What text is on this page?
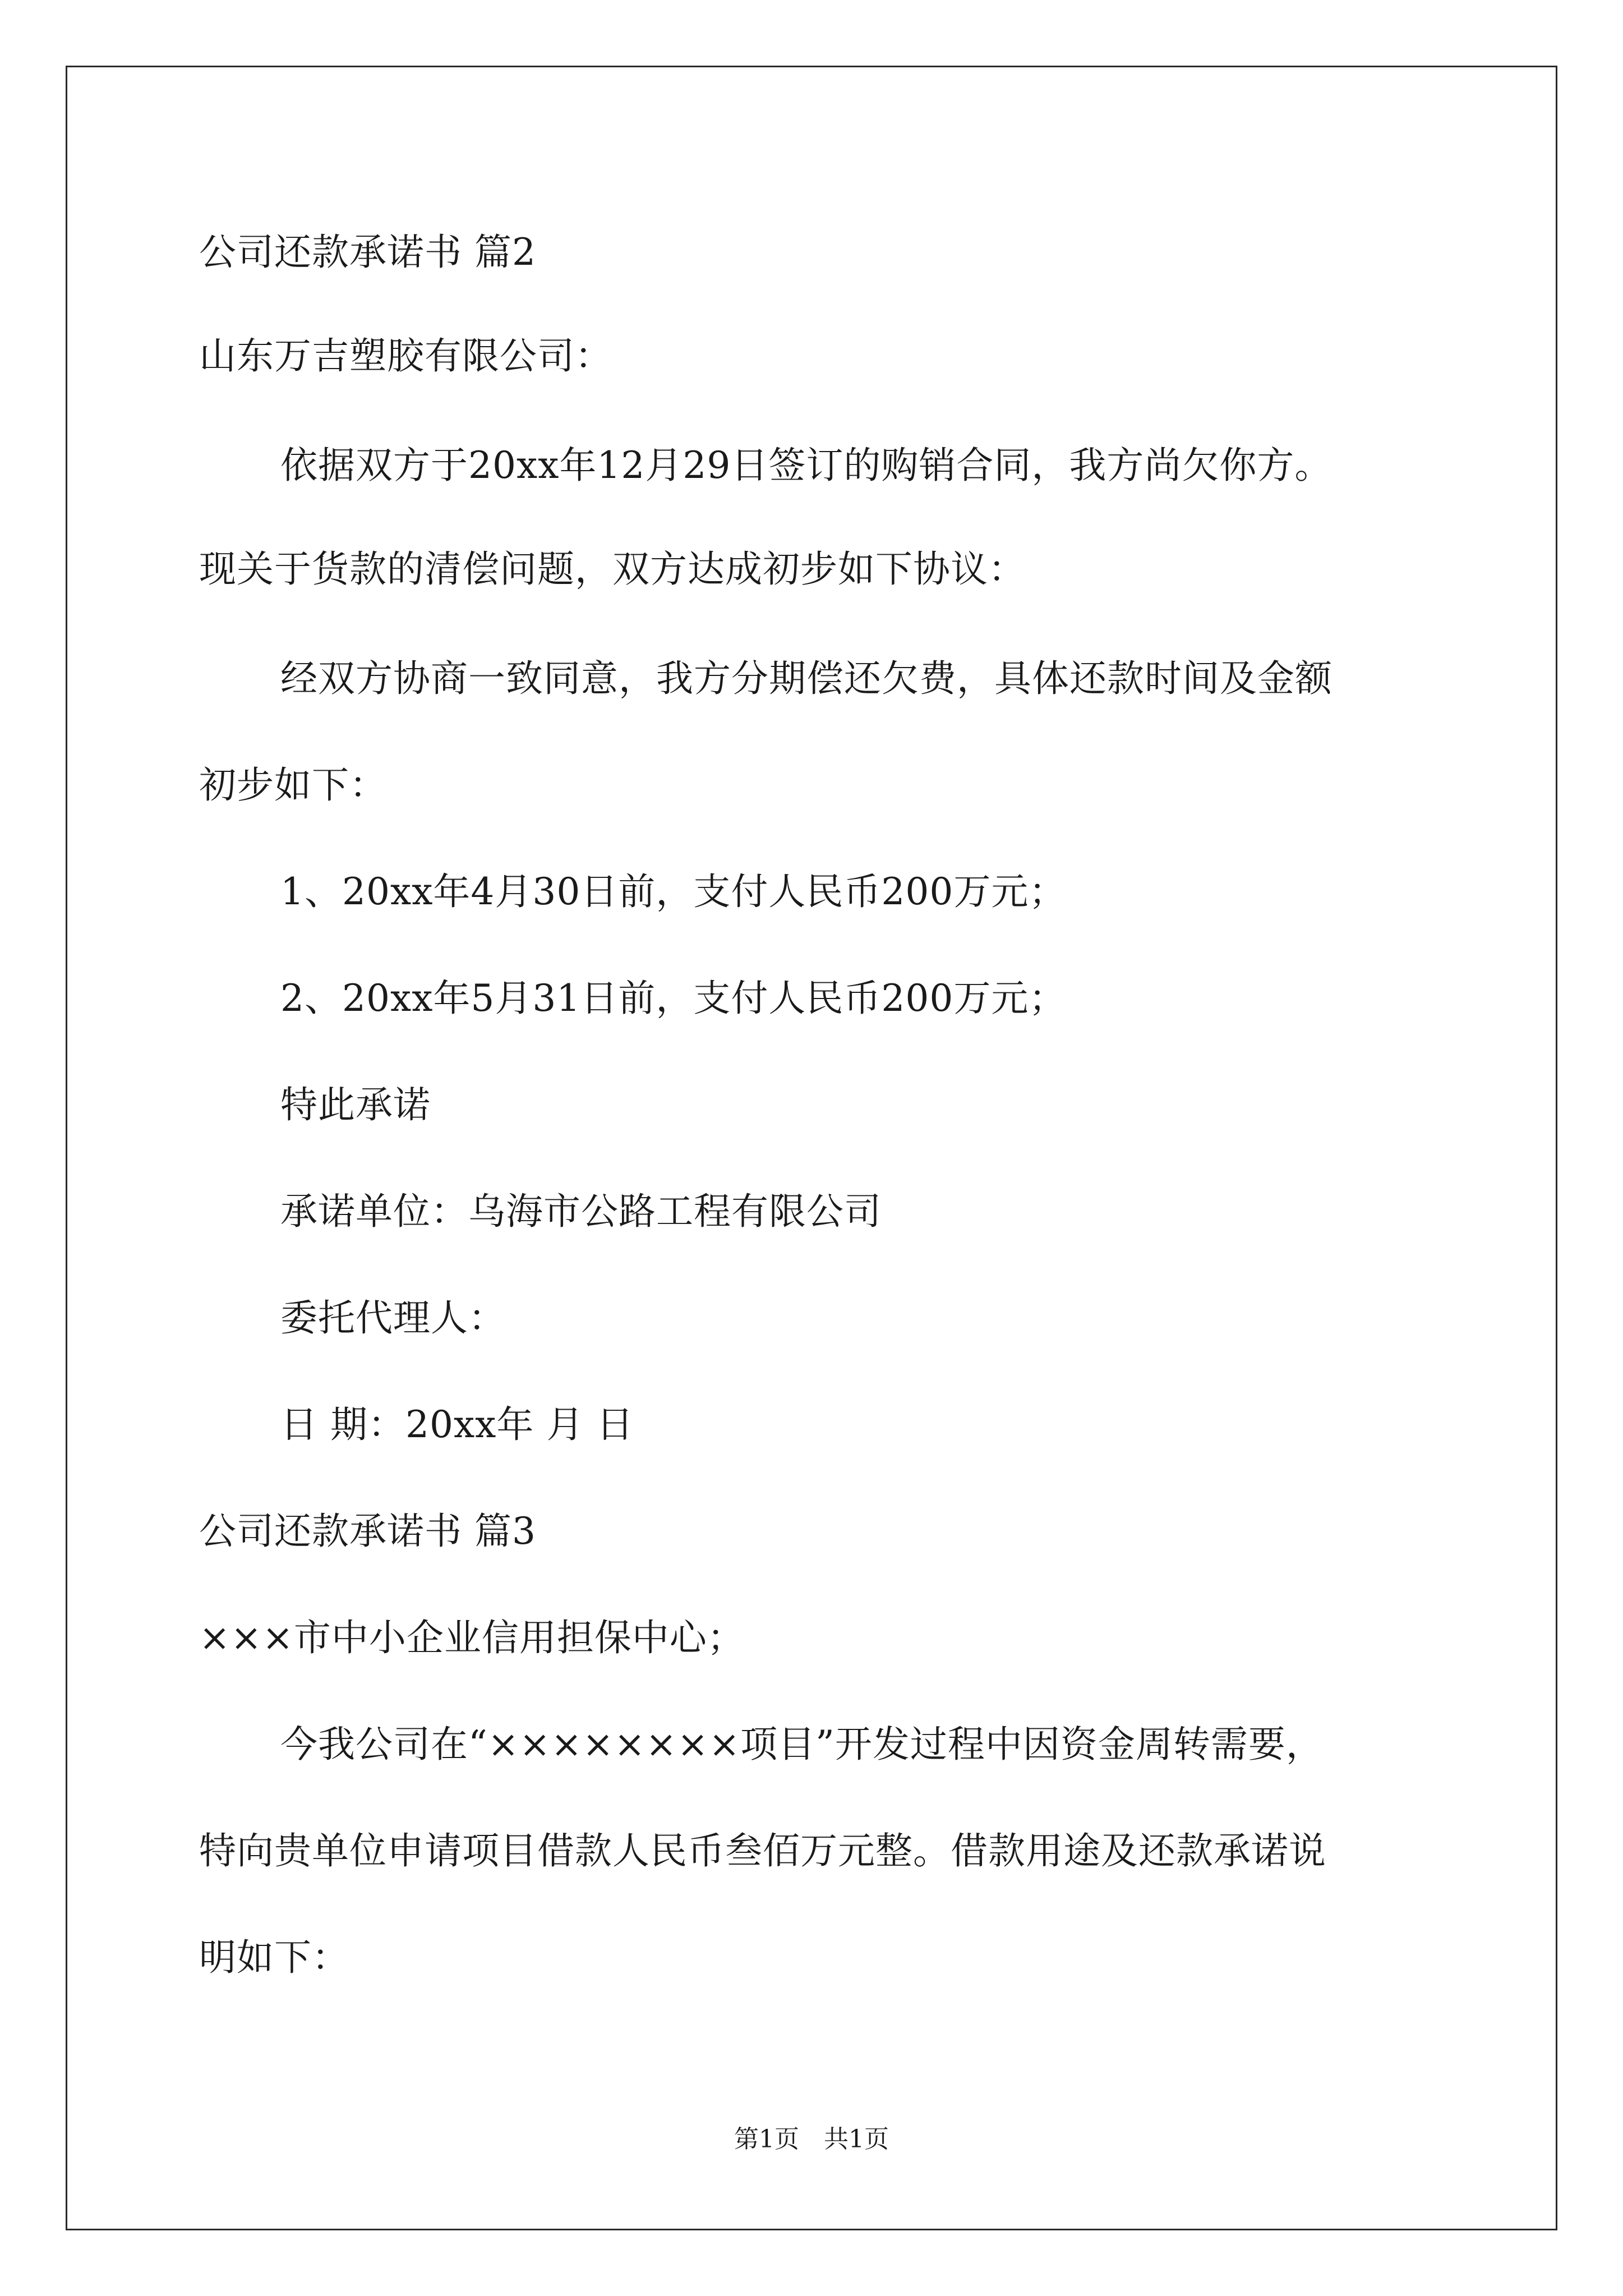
公司还款承诺书 篇2
山东万吉塑胶有限公司：
依据双方于20xx年12月29日签订的购销合同，我方尚欠你方。
现关于货款的清偿问题，双方达成初步如下协议：
经双方协商一致同意，我方分期偿还欠费，具体还款时间及金额
初步如下：
1、20xx年4月30日前，支付人民币200万元；
2、20xx年5月31日前，支付人民币200万元；
特此承诺
承诺单位：乌海市公路工程有限公司
委托代理人：
日 期：20xx年 月 日
公司还款承诺书 篇3
×××市中小企业信用担保中心；
今我公司在“××××××××项目”开发过程中因资金周转需要，
特向贵单位申请项目借款人民币叁佰万元整。借款用途及还款承诺说
明如下：
第1页　共1页
